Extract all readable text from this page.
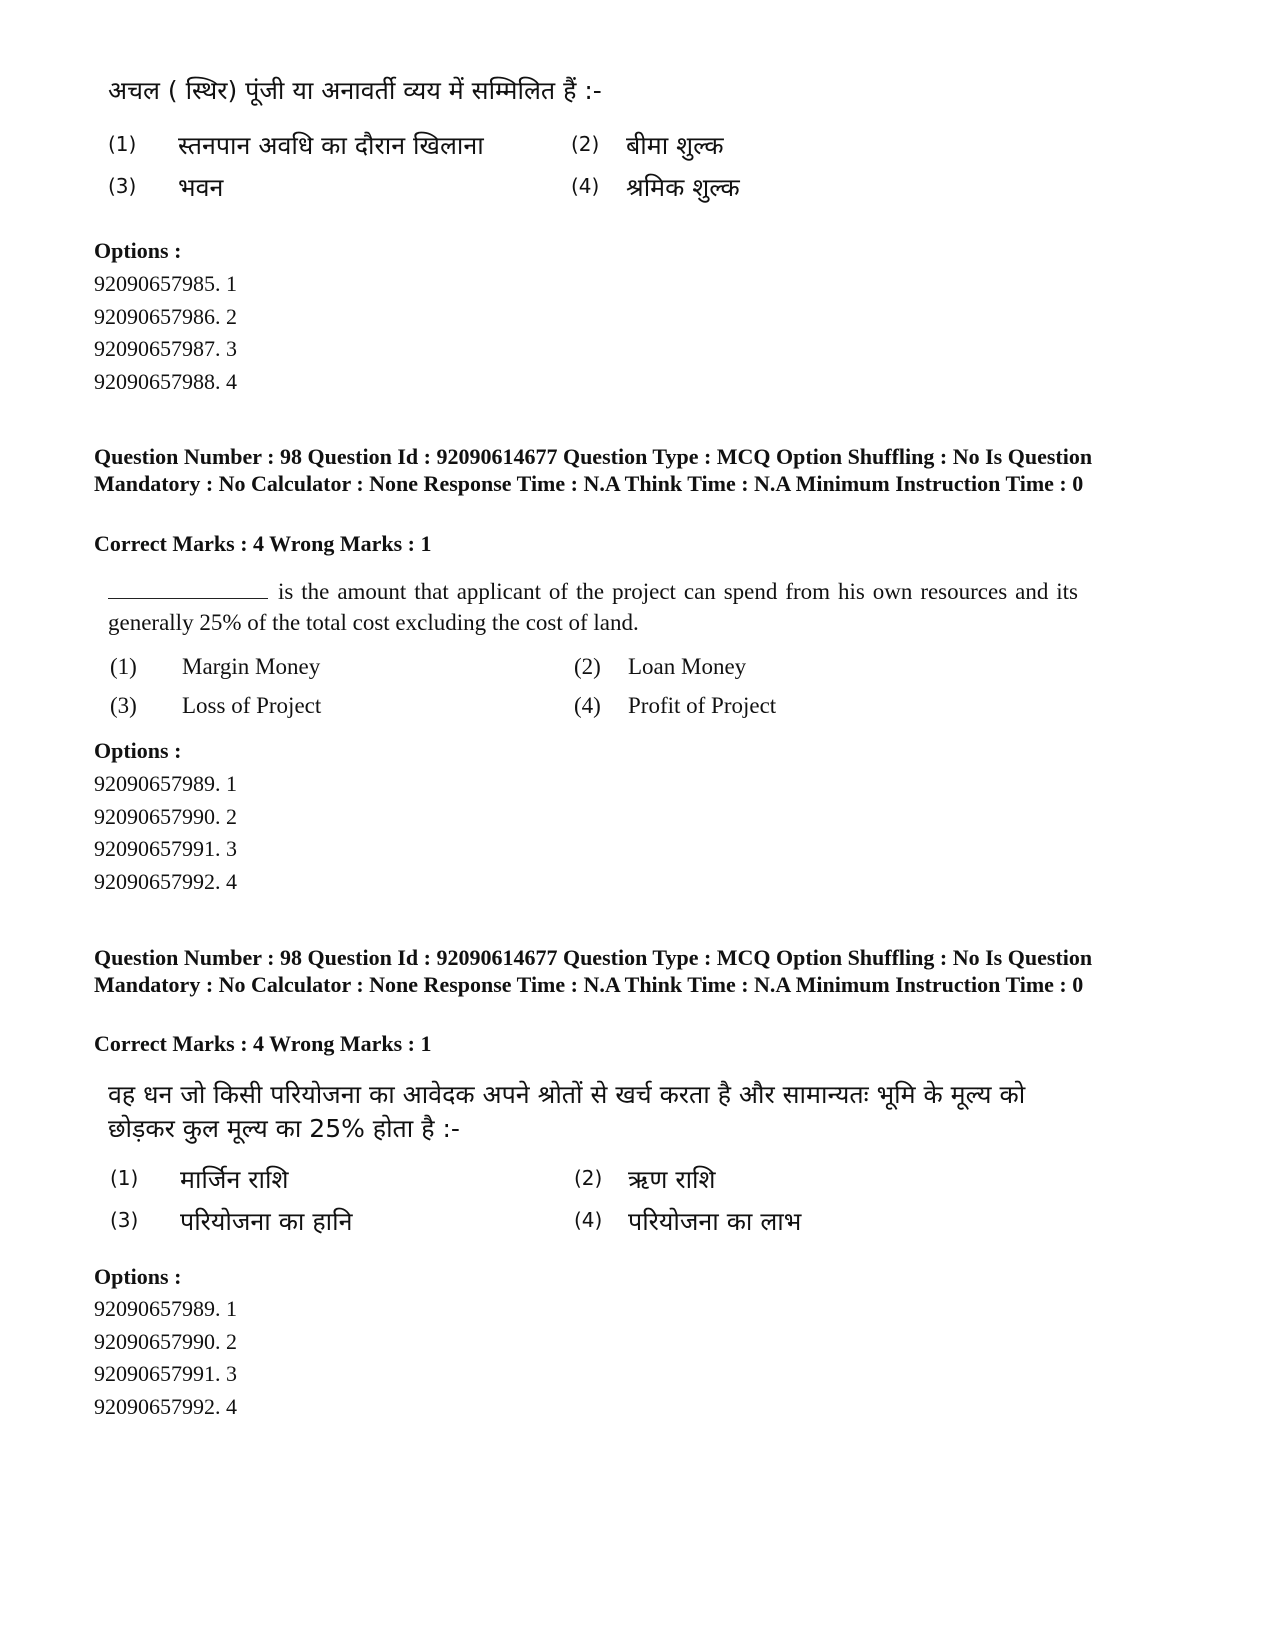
अचल ( स्थिर) पूंजी या अनावर्ती व्यय में सम्मिलित हैं :-
(1) स्तनपान अवधि का दौरान खिलाना	(2) बीमा शुल्क
(3) भवन	(4) श्रमिक शुल्क
Options :
92090657985. 1
92090657986. 2
92090657987. 3
92090657988. 4
Question Number : 98 Question Id : 92090614677 Question Type : MCQ Option Shuffling : No Is Question Mandatory : No Calculator : None Response Time : N.A Think Time : N.A Minimum Instruction Time : 0
Correct Marks : 4 Wrong Marks : 1
is the amount that applicant of the project can spend from his own resources and its generally 25% of the total cost excluding the cost of land.
(1) Margin Money	(2) Loan Money
(3) Loss of Project	(4) Profit of Project
Options :
92090657989. 1
92090657990. 2
92090657991. 3
92090657992. 4
Question Number : 98 Question Id : 92090614677 Question Type : MCQ Option Shuffling : No Is Question Mandatory : No Calculator : None Response Time : N.A Think Time : N.A Minimum Instruction Time : 0
Correct Marks : 4 Wrong Marks : 1
वह धन जो किसी परियोजना का आवेदक अपने श्रोतों से खर्च करता है और सामान्यतः भूमि के मूल्य को
छोड़कर कुल मूल्य का 25% होता है :-
(1) मार्जिन राशि	(2) ऋण राशि
(3) परियोजना का हानि	(4) परियोजना का लाभ
Options :
92090657989. 1
92090657990. 2
92090657991. 3
92090657992. 4
